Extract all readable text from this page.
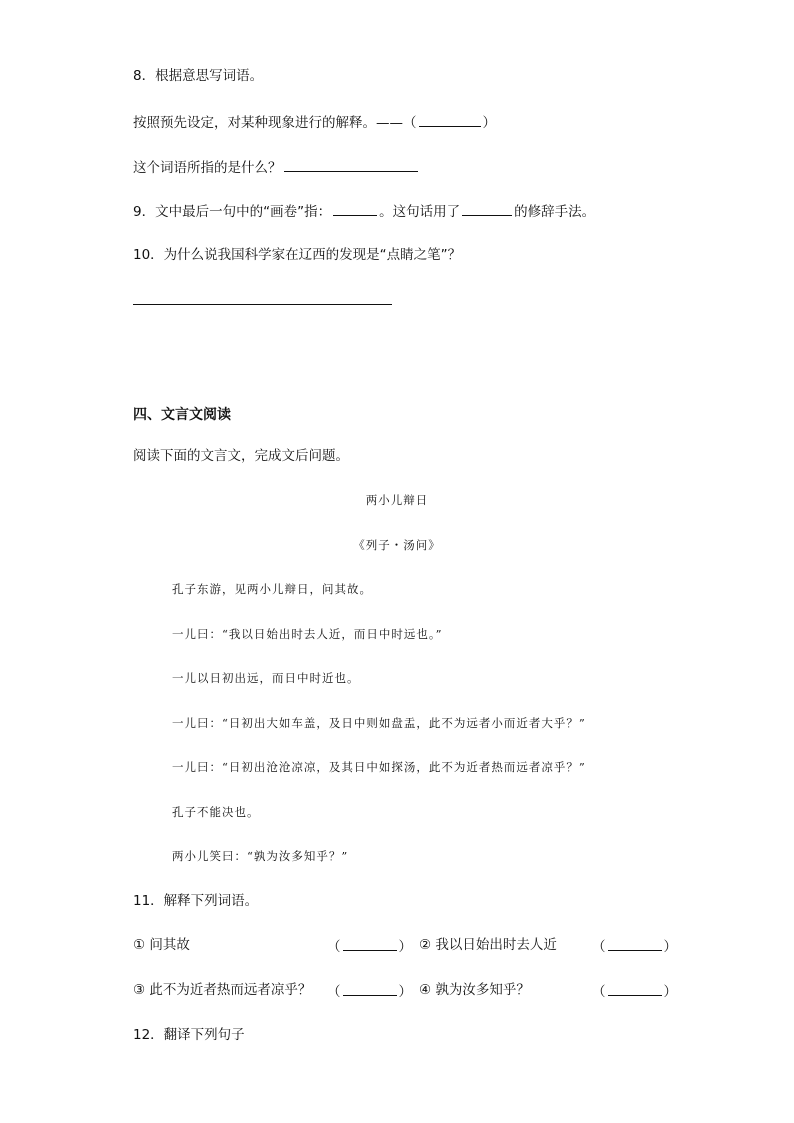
8．根据意思写词语。

按照预先设定，对某种现象进行的解释。——（	）

这个词语所指的是什么？

9．文中最后一句中的“画卷”指：	。这句话用了	的修辞手法。

10．为什么说我国科学家在辽西的发现是“点睛之笔”？

四、文言文阅读

阅读下面的文言文，完成文后问题。

两小儿辩日

《列子・汤问》

孔子东游，见两小儿辩日，问其故。

一儿曰：“我以日始出时去人近，而日中时远也。”

一儿以日初出远，而日中时近也。

一儿曰：“日初出大如车盖，及日中则如盘盂，此不为远者小而近者大乎？”

一儿曰：“日初出沧沧凉凉，及其日中如探汤，此不为近者热而远者凉乎？”

孔子不能决也。

两小儿笑曰：“孰为汝多知乎？”

11．解释下列词语。

① 问其故	（	） ② 我以日始出时去人近	（	）
③ 此不为近者热而远者凉乎？ （	） ④ 孰为汝多知乎？	（	）

12．翻译下列句子
